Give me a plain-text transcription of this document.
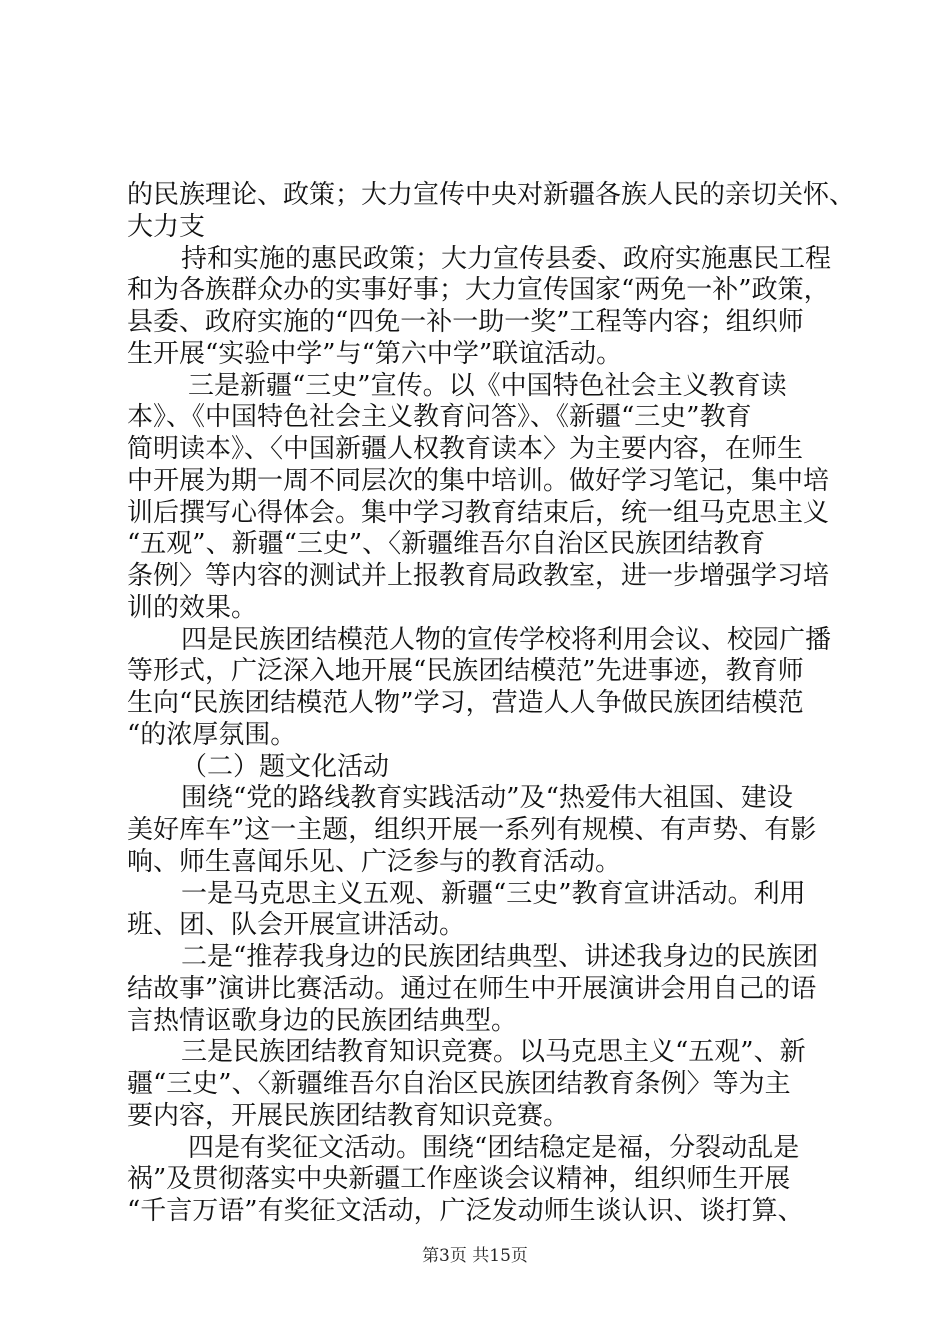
的民族理论、政策；大力宣传中央对新疆各族人民的亲切关怀、
大力支
持和实施的惠民政策；大力宣传县委、政府实施惠民工程
和为各族群众办的实事好事；大力宣传国家“两免一补”政策，
县委、政府实施的“四免一补一助一奖”工程等内容；组织师
生开展“实验中学”与“第六中学”联谊活动。
三是新疆“三史”宣传。以《中国特色社会主义教育读
本》、《中国特色社会主义教育问答》、《新疆“三史”教育
简明读本》、〈中国新疆人权教育读本〉为主要内容，在师生
中开展为期一周不同层次的集中培训。做好学习笔记，集中培
训后撰写心得体会。集中学习教育结束后，统一组马克思主义
“五观”、新疆“三史”、〈新疆维吾尔自治区民族团结教育
条例〉等内容的测试并上报教育局政教室，进一步增强学习培
训的效果。
四是民族团结模范人物的宣传学校将利用会议、校园广播
等形式，广泛深入地开展“民族团结模范”先进事迹，教育师
生向“民族团结模范人物”学习，营造人人争做民族团结模范
“的浓厚氛围。
（二）题文化活动
围绕“党的路线教育实践活动”及“热爱伟大祖国、建设
美好库车”这一主题，组织开展一系列有规模、有声势、有影
响、师生喜闻乐见、广泛参与的教育活动。
一是马克思主义五观、新疆“三史”教育宣讲活动。利用
班、团、队会开展宣讲活动。
二是“推荐我身边的民族团结典型、讲述我身边的民族团
结故事”演讲比赛活动。通过在师生中开展演讲会用自己的语
言热情讴歌身边的民族团结典型。
三是民族团结教育知识竞赛。以马克思主义“五观”、新
疆“三史”、〈新疆维吾尔自治区民族团结教育条例〉等为主
要内容，开展民族团结教育知识竞赛。
四是有奖征文活动。围绕“团结稳定是福，分裂动乱是
祸”及贯彻落实中央新疆工作座谈会议精神，组织师生开展
“千言万语”有奖征文活动，广泛发动师生谈认识、谈打算、
第3页 共15页
